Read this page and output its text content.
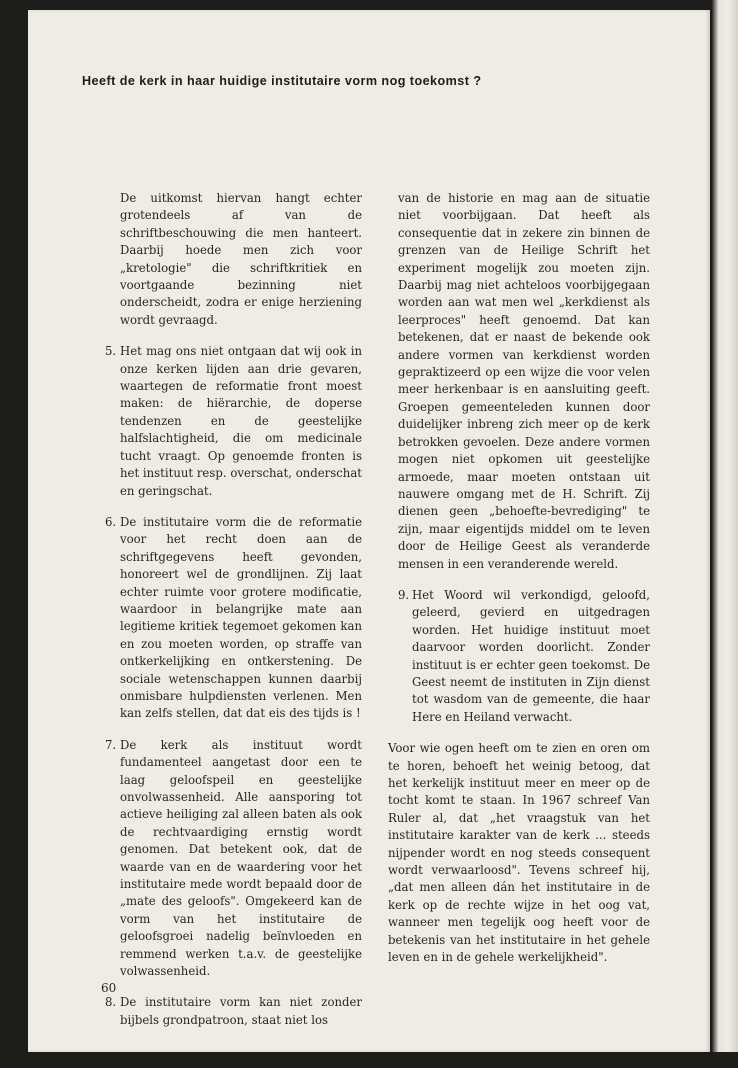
Heeft de kerk in haar huidige institutaire vorm nog toekomst ?

De uitkomst hiervan hangt echter grotendeels af van de schriftbeschouwing die men hanteert. Daarbij hoede men zich voor „kretologie" die schriftkritiek en voortgaande bezinning niet onderscheidt, zodra er enige herziening wordt gevraagd.

5. Het mag ons niet ontgaan dat wij ook in onze kerken lijden aan drie gevaren, waartegen de reformatie front moest maken: de hiërarchie, de doperse tendenzen en de geestelijke halfslachtigheid, die om medicinale tucht vraagt. Op genoemde fronten is het instituut resp. overschat, onderschat en geringschat.

6. De institutaire vorm die de reformatie voor het recht doen aan de schriftgegevens heeft gevonden, honoreert wel de grondlijnen. Zij laat echter ruimte voor grotere modificatie, waardoor in belangrijke mate aan legitieme kritiek tegemoet gekomen kan en zou moeten worden, op straffe van ontkerkelijking en ontkerstening. De sociale wetenschappen kunnen daarbij onmisbare hulpdiensten verlenen. Men kan zelfs stellen, dat dat eis des tijds is !

7. De kerk als instituut wordt fundamenteel aangetast door een te laag geloofspeil en geestelijke onvolwassenheid. Alle aansporing tot actieve heiliging zal alleen baten als ook de rechtvaardiging ernstig wordt genomen. Dat betekent ook, dat de waarde van en de waardering voor het institutaire mede wordt bepaald door de „mate des geloofs". Omgekeerd kan de vorm van het institutaire de geloofsgroei nadelig beïnvloeden en remmend werken t.a.v. de geestelijke volwassenheid.

8. De institutaire vorm kan niet zonder bijbels grondpatroon, staat niet los

van de historie en mag aan de situatie niet voorbijgaan. Dat heeft als consequentie dat in zekere zin binnen de grenzen van de Heilige Schrift het experiment mogelijk zou moeten zijn. Daarbij mag niet achteloos voorbijgegaan worden aan wat men wel „kerkdienst als leerproces" heeft genoemd. Dat kan betekenen, dat er naast de bekende ook andere vormen van kerkdienst worden gepraktizeerd op een wijze die voor velen meer herkenbaar is en aansluiting geeft. Groepen gemeenteleden kunnen door duidelijker inbreng zich meer op de kerk betrokken gevoelen. Deze andere vormen mogen niet opkomen uit geestelijke armoede, maar moeten ontstaan uit nauwere omgang met de H. Schrift. Zij dienen geen „behoefte-bevrediging" te zijn, maar eigentijds middel om te leven door de Heilige Geest als veranderde mensen in een veranderende wereld.

9. Het Woord wil verkondigd, geloofd, geleerd, gevierd en uitgedragen worden. Het huidige instituut moet daarvoor worden doorlicht. Zonder instituut is er echter geen toekomst. De Geest neemt de instituten in Zijn dienst tot wasdom van de gemeente, die haar Here en Heiland verwacht.

Voor wie ogen heeft om te zien en oren om te horen, behoeft het weinig betoog, dat het kerkelijk instituut meer en meer op de tocht komt te staan. In 1967 schreef Van Ruler al, dat „het vraagstuk van het institutaire karakter van de kerk ... steeds nijpender wordt en nog steeds consequent wordt verwaarloosd". Tevens schreef hij, „dat men alleen dán het institutaire in de kerk op de rechte wijze in het oog vat, wanneer men tegelijk oog heeft voor de betekenis van het institutaire in het gehele leven en in de gehele werkelijkheid".

60
